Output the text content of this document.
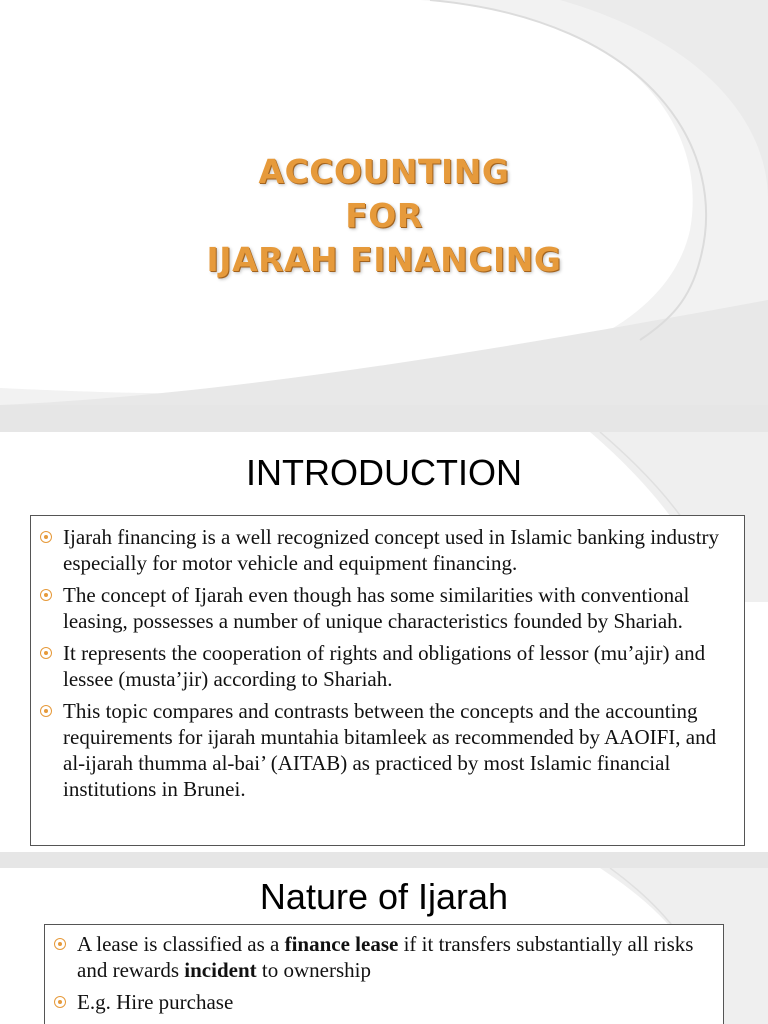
ACCOUNTING
FOR
IJARAH FINANCING
INTRODUCTION
Ijarah financing is a well recognized concept used in Islamic banking industry especially for motor vehicle and equipment financing.
The concept of Ijarah even though has some similarities with conventional leasing, possesses a number of unique characteristics founded by Shariah.
It represents the cooperation of rights and obligations of lessor (mu’ajir) and lessee (musta’jir) according to Shariah.
This topic compares and contrasts between the concepts and the accounting requirements for ijarah muntahia bitamleek as recommended by AAOIFI, and al-ijarah thumma al-bai’ (AITAB) as practiced by most Islamic financial institutions in Brunei.
Nature of Ijarah
A lease is classified as a finance lease if it transfers substantially all risks and rewards incident to ownership
E.g. Hire purchase
